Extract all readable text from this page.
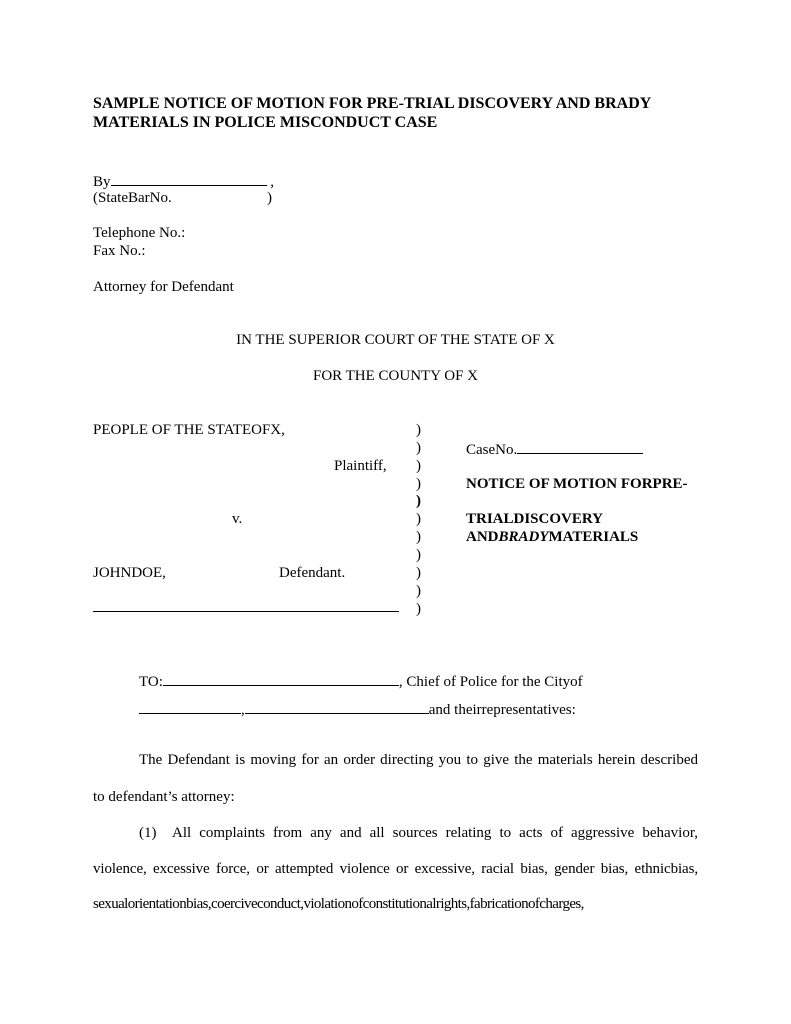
SAMPLE NOTICE OF MOTION FOR PRE-TRIAL DISCOVERY AND BRADY MATERIALS IN POLICE MISCONDUCT CASE
By	,
(StateBarNo.	)
Telephone No.:
Fax No.:
Attorney for Defendant
IN THE SUPERIOR COURT OF THE STATE OF X
FOR THE COUNTY OF X
PEOPLE OF THE STATEOFX,
Plaintiff,
v.
JOHNDOE,	Defendant.
)
)
)
)
)
)
)
)
)
)
)
CaseNo.
NOTICE OF MOTION FORPRE-
TRIALDISCOVERY
ANDBRADYMATERIALS
TO:	, Chief of Police for the Cityof
,	and theirrepresentatives:
The Defendant is moving for an order directing you to give the materials herein described
to defendant’s attorney:
(1) All complaints from any and all sources relating to acts of aggressive behavior,
violence, excessive force, or attempted violence or excessive, racial bias, gender bias, ethnicbias,
sexualorientationbias,coerciveconduct,violationofconstitutionalrights,fabricationofcharges,
